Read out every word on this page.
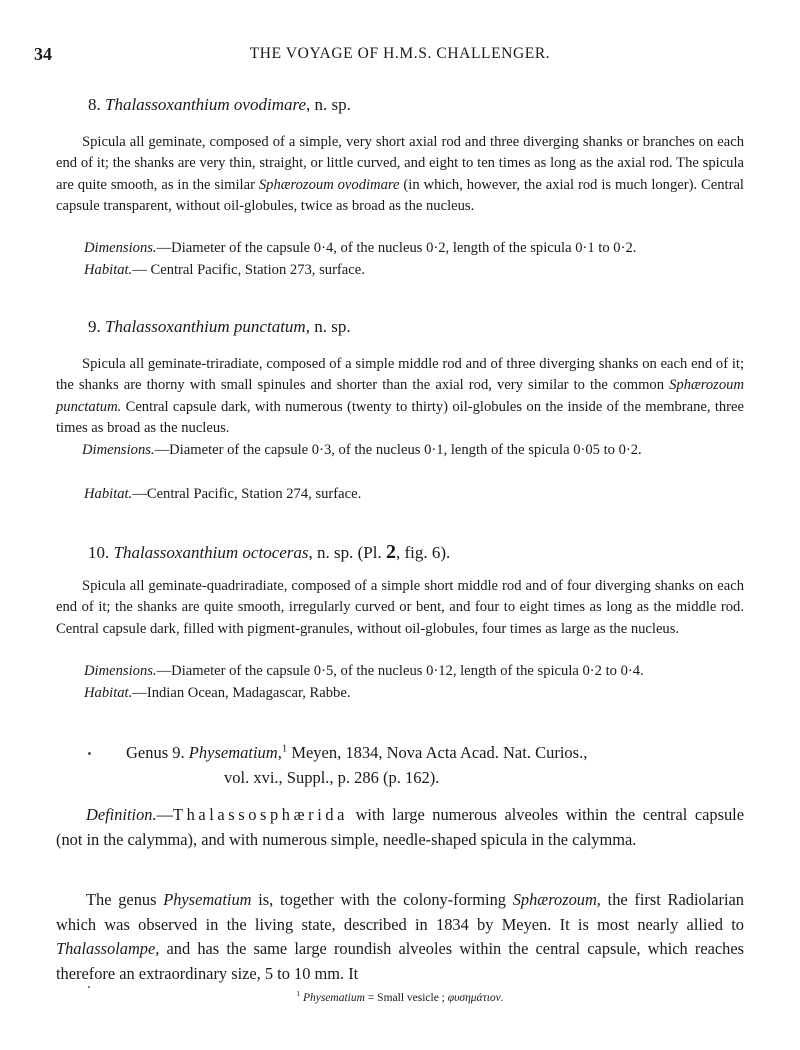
34	THE VOYAGE OF H.M.S. CHALLENGER.
8. Thalassoxanthium ovodimare, n. sp.
Spicula all geminate, composed of a simple, very short axial rod and three diverging shanks or branches on each end of it; the shanks are very thin, straight, or little curved, and eight to ten times as long as the axial rod. The spicula are quite smooth, as in the similar Sphærozoum ovodimare (in which, however, the axial rod is much longer). Central capsule transparent, without oil-globules, twice as broad as the nucleus.
Dimensions.—Diameter of the capsule 0·4, of the nucleus 0·2, length of the spicula 0·1 to 0·2.
Habitat.— Central Pacific, Station 273, surface.
9. Thalassoxanthium punctatum, n. sp.
Spicula all geminate-triradiate, composed of a simple middle rod and of three diverging shanks on each end of it; the shanks are thorny with small spinules and shorter than the axial rod, very similar to the common Sphærozoum punctatum. Central capsule dark, with numerous (twenty to thirty) oil-globules on the inside of the membrane, three times as broad as the nucleus.
Dimensions.—Diameter of the capsule 0·3, of the nucleus 0·1, length of the spicula 0·05 to 0·2.
Habitat.—Central Pacific, Station 274, surface.
10. Thalassoxanthium octoceras, n. sp. (Pl. 2, fig. 6).
Spicula all geminate-quadriradiate, composed of a simple short middle rod and of four diverging shanks on each end of it; the shanks are quite smooth, irregularly curved or bent, and four to eight times as long as the middle rod. Central capsule dark, filled with pigment-granules, without oil-globules, four times as large as the nucleus.
Dimensions.—Diameter of the capsule 0·5, of the nucleus 0·12, length of the spicula 0·2 to 0·4.
Habitat.—Indian Ocean, Madagascar, Rabbe.
Genus 9. Physematium,$^1$ Meyen, 1834, Nova Acta Acad. Nat. Curios.,
vol. xvi., Suppl., p. 286 (p. 162).
Definition.—Thalassosphærida with large numerous alveoles within the central capsule (not in the calymma), and with numerous simple, needle-shaped spicula in the calymma.
The genus Physematium is, together with the colony-forming Sphærozoum, the first Radiolarian which was observed in the living state, described in 1834 by Meyen. It is most nearly allied to Thalassolampe, and has the same large roundish alveoles within the central capsule, which reaches therefore an extraordinary size, 5 to 10 mm. It
$^1$ Physematium = Small vesicle ; φυσημάτιον.
